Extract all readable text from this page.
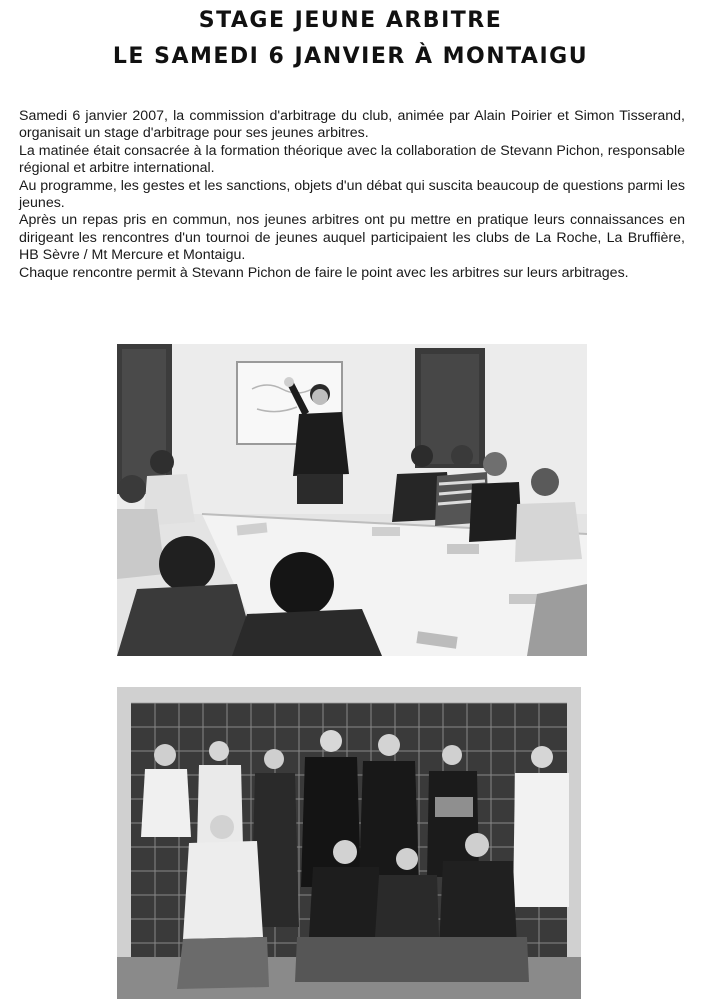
STAGE JEUNE ARBITRE
LE SAMEDI 6 JANVIER À MONTAIGU

Samedi 6 janvier 2007, la commission d'arbitrage du club, animée par Alain Poirier et Simon Tisserand, organisait un stage d'arbitrage pour ses jeunes arbitres.

La matinée était consacrée à la formation théorique avec la collaboration de Stevann Pichon, responsable régional et arbitre international.

Au programme, les gestes et les sanctions, objets d'un débat qui suscita beaucoup de questions parmi les jeunes.

Après un repas pris en commun, nos jeunes arbitres ont pu mettre en pratique leurs connaissances en dirigeant les rencontres d'un tournoi de jeunes auquel participaient les clubs de La Roche, La Bruffière, HB Sèvre / Mt Mercure et Montaigu.

Chaque rencontre permit à Stevann Pichon de faire le point avec les arbitres sur leurs arbitrages.
